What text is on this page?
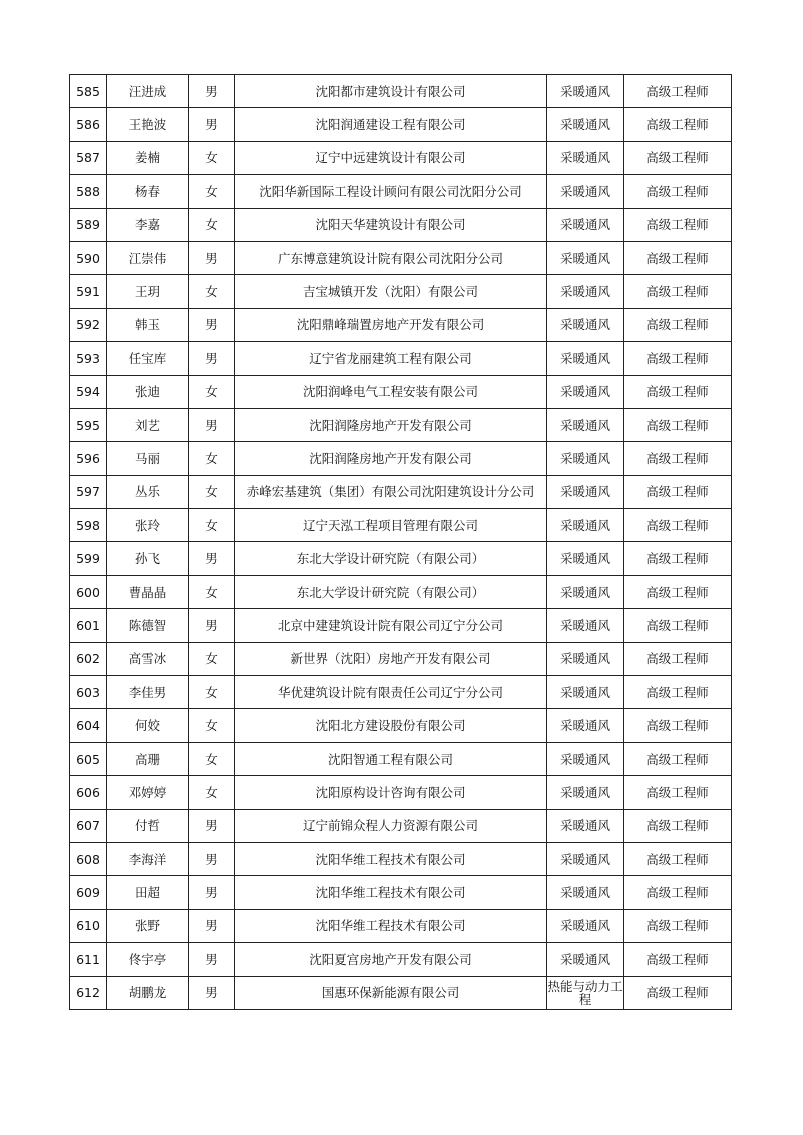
585	汪进成	男	沈阳都市建筑设计有限公司	采暖通风	高级工程师
586	王艳波	男	沈阳润通建设工程有限公司	采暖通风	高级工程师
587	姜楠	女	辽宁中远建筑设计有限公司	采暖通风	高级工程师
588	杨春	女	沈阳华新国际工程设计顾问有限公司沈阳分公司	采暖通风	高级工程师
589	李嘉	女	沈阳天华建筑设计有限公司	采暖通风	高级工程师
590	江崇伟	男	广东博意建筑设计院有限公司沈阳分公司	采暖通风	高级工程师
591	王玥	女	吉宝城镇开发（沈阳）有限公司	采暖通风	高级工程师
592	韩玉	男	沈阳鼎峰瑞置房地产开发有限公司	采暖通风	高级工程师
593	任宝库	男	辽宁省龙丽建筑工程有限公司	采暖通风	高级工程师
594	张迪	女	沈阳润峰电气工程安装有限公司	采暖通风	高级工程师
595	刘艺	男	沈阳润隆房地产开发有限公司	采暖通风	高级工程师
596	马丽	女	沈阳润隆房地产开发有限公司	采暖通风	高级工程师
597	丛乐	女	赤峰宏基建筑（集团）有限公司沈阳建筑设计分公司	采暖通风	高级工程师
598	张玲	女	辽宁天泓工程项目管理有限公司	采暖通风	高级工程师
599	孙飞	男	东北大学设计研究院（有限公司）	采暖通风	高级工程师
600	曹晶晶	女	东北大学设计研究院（有限公司）	采暖通风	高级工程师
601	陈德智	男	北京中建建筑设计院有限公司辽宁分公司	采暖通风	高级工程师
602	高雪冰	女	新世界（沈阳）房地产开发有限公司	采暖通风	高级工程师
603	李佳男	女	华优建筑设计院有限责任公司辽宁分公司	采暖通风	高级工程师
604	何姣	女	沈阳北方建设股份有限公司	采暖通风	高级工程师
605	高珊	女	沈阳智通工程有限公司	采暖通风	高级工程师
606	邓婷婷	女	沈阳原构设计咨询有限公司	采暖通风	高级工程师
607	付哲	男	辽宁前锦众程人力资源有限公司	采暖通风	高级工程师
608	李海洋	男	沈阳华维工程技术有限公司	采暖通风	高级工程师
609	田超	男	沈阳华维工程技术有限公司	采暖通风	高级工程师
610	张野	男	沈阳华维工程技术有限公司	采暖通风	高级工程师
611	佟宇亭	男	沈阳夏宫房地产开发有限公司	采暖通风	高级工程师
612	胡鹏龙	男	国惠环保新能源有限公司	热能与动力工程	高级工程师
